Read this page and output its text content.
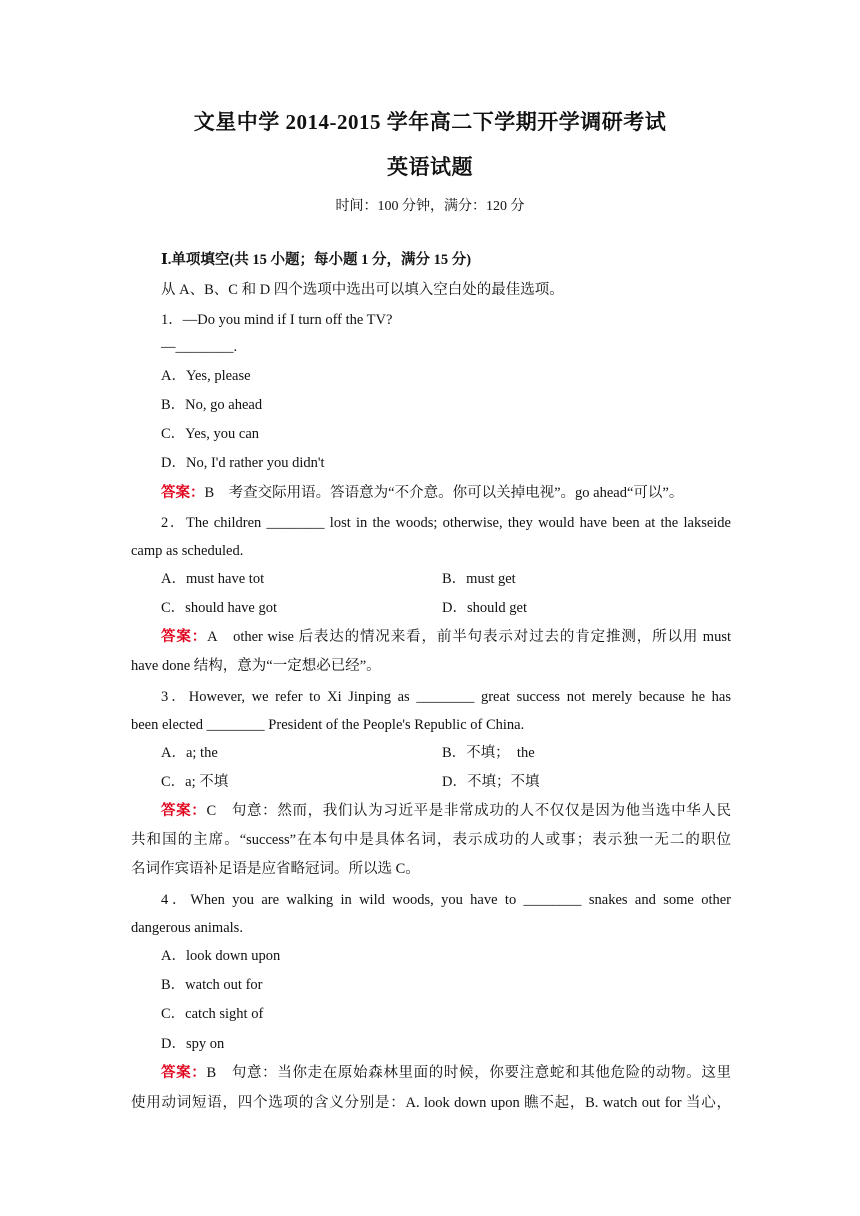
文星中学 2014-2015 学年高二下学期开学调研考试
英语试题
时间：100 分钟，满分：120 分
Ⅰ.单项填空(共 15 小题；每小题 1 分，满分 15 分)
从 A、B、C 和 D 四个选项中选出可以填入空白处的最佳选项。
1．—Do you mind if I turn off the TV?
—________.
A．Yes, please
B．No, go ahead
C．Yes, you can
D．No, I'd rather you didn't
答案：B　考查交际用语。答语意为“不介意。你可以关掉电视”。go ahead“可以”。
2．The children ________ lost in the woods; otherwise, they would have been at the lakseide
camp as scheduled.
A．must have tot	B．must get
C．should have got	D．should get
答案：A　other wise 后表达的情况来看，前半句表示对过去的肯定推测，所以用 must
have done 结构，意为“一定想必已经”。
3．However, we refer to Xi Jinping as ________ great success not merely because he has
been elected ________ President of the People's Republic of China.
A．a; the	B．不填；　the
C．a; 不填	D．不填；不填
答案：C　句意：然而，我们认为习近平是非常成功的人不仅仅是因为他当选中华人民
共和国的主席。“success”在本句中是具体名词，表示成功的人或事；表示独一无二的职位
名词作宾语补足语是应省略冠词。所以选 C。
4．When you are walking in wild woods, you have to ________ snakes and some other
dangerous animals.
A．look down upon
B．watch out for
C．catch sight of
D．spy on
答案：B　句意：当你走在原始森林里面的时候，你要注意蛇和其他危险的动物。这里
使用动词短语，四个选项的含义分别是：A. look down upon 瞧不起，B. watch out for 当心，
